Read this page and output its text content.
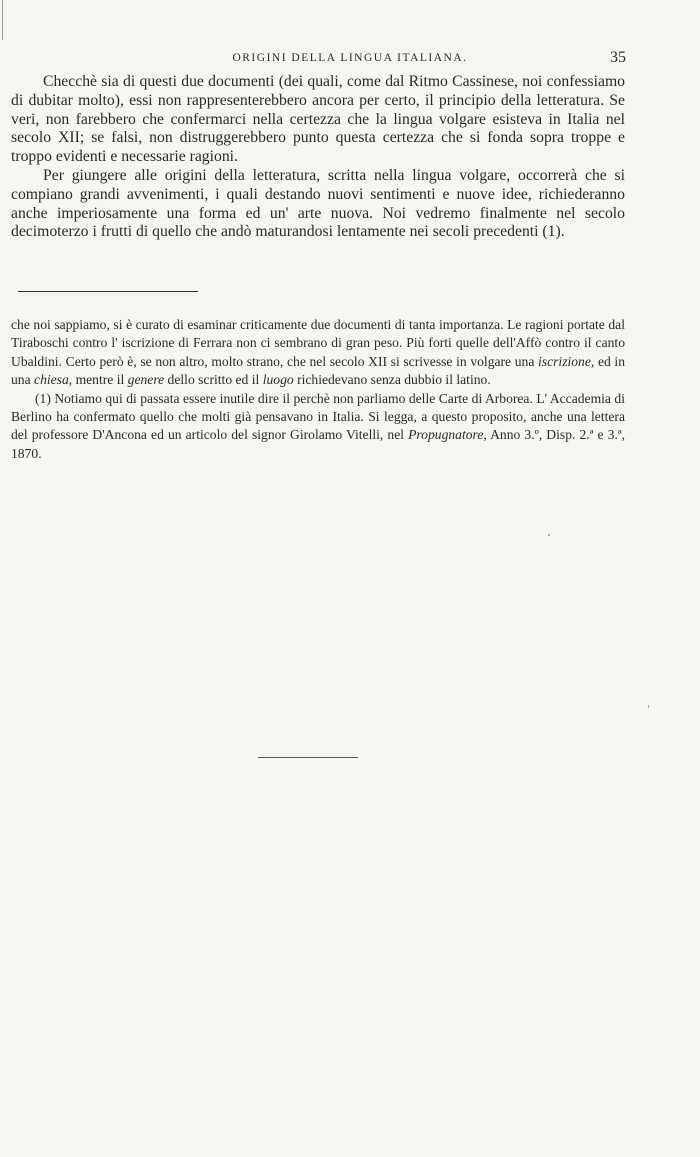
ORIGINI DELLA LINGUA ITALIANA.	35

Checchè sia di questi due documenti (dei quali, come dal Ritmo Cassinese, noi confessiamo di dubitar molto), essi non rappresenterebbero ancora per certo, il principio della letteratura. Se veri, non farebbero che confermarci nella certezza che la lingua volgare esisteva in Italia nel secolo XII; se falsi, non distruggerebbero punto questa certezza che si fonda sopra troppe e troppo evidenti e necessarie ragioni.

Per giungere alle origini della letteratura, scritta nella lingua volgare, occorrerà che si compiano grandi avvenimenti, i quali destando nuovi sentimenti e nuove idee, richiederanno anche imperiosamente una forma ed un' arte nuova. Noi vedremo finalmente nel secolo decimoterzo i frutti di quello che andò maturandosi lentamente nei secoli precedenti (1).

che noi sappiamo, si è curato di esaminar criticamente due documenti di tanta importanza. Le ragioni portate dal Tiraboschi contro l' iscrizione di Ferrara non ci sembrano di gran peso. Più forti quelle dell'Affò contro il canto Ubaldini. Certo però è, se non altro, molto strano, che nel secolo XII si scrivesse in volgare una iscrizione, ed in una chiesa, mentre il genere dello scritto ed il luogo richiedevano senza dubbio il latino.

(1) Notiamo qui di passata essere inutile dire il perchè non parliamo delle Carte di Arborea. L' Accademia di Berlino ha confermato quello che molti già pensavano in Italia. Si legga, a questo proposito, anche una lettera del professore D'Ancona ed un articolo del signor Girolamo Vitelli, nel Propugnatore, Anno 3.º, Disp. 2.ª e 3.ª, 1870.
